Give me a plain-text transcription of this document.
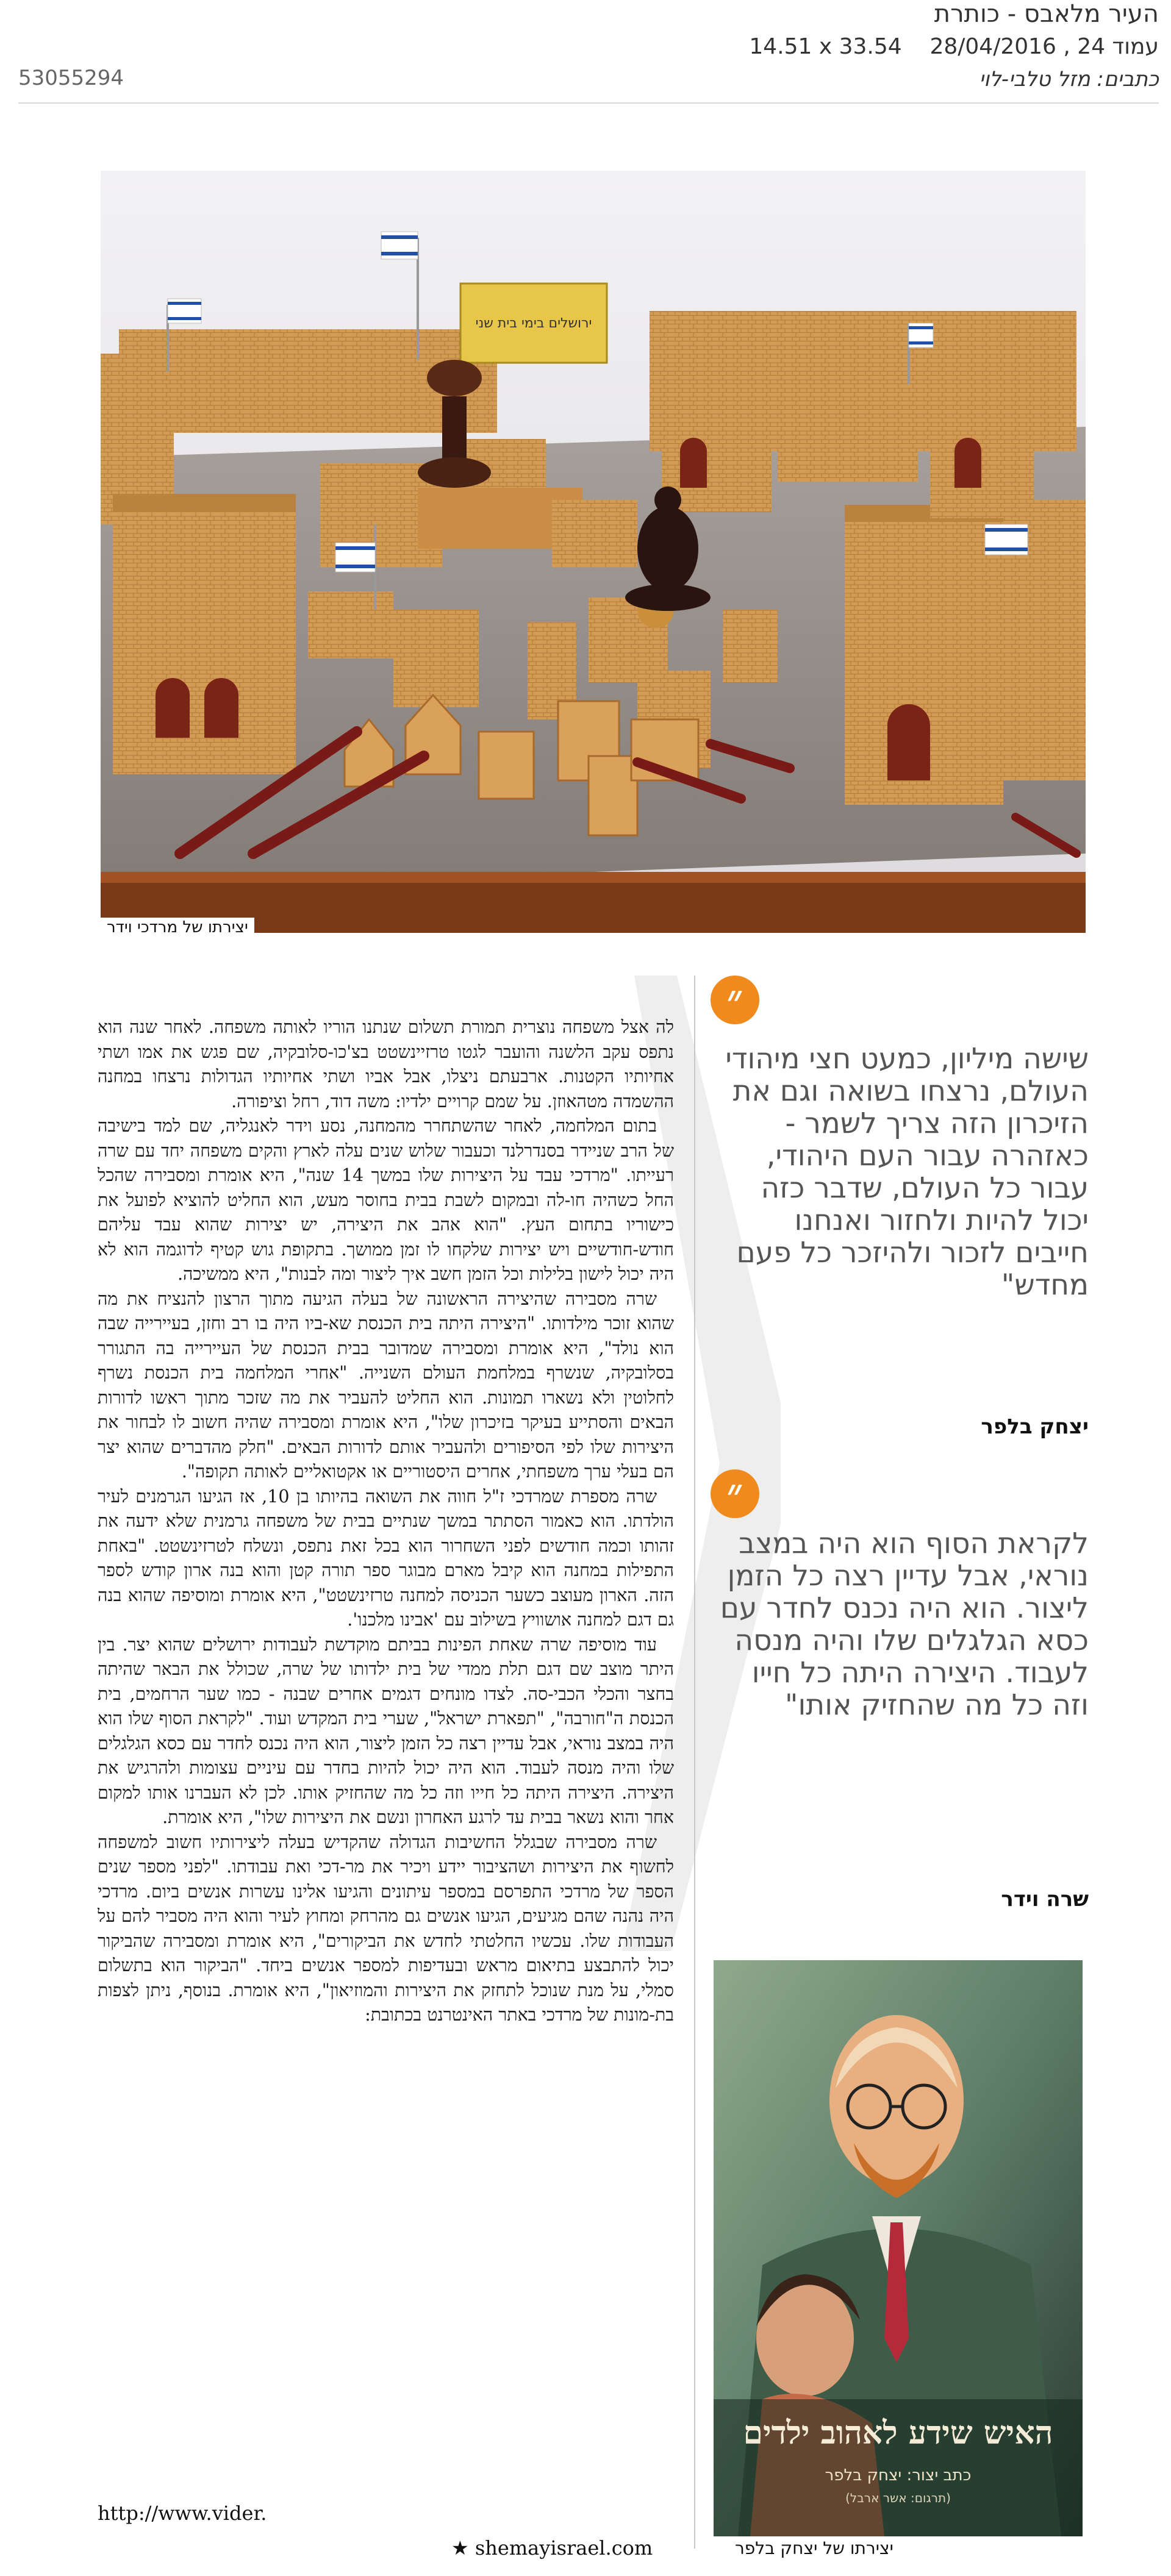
העיר מלאבס - כותרת
14.51 x 33.54 עמוד 24 , 28/04/2016
כתבים: מזל טלבי-לוי
53055294
ירושלים בימי בית שני
יצירתו של מרדכי וידר

לה אצל משפחה נוצרית תמורת תשלום שנתנו הוריו לאותה משפחה. לאחר שנה הוא נתפס עקב הלשנה והועבר לגטו טרזיינשטט בצ'כו-סלובקיה, שם פגש את אמו ושתי אחיותיו הקטנות. ארבעתם ניצלו, אבל אביו ושתי אחיותיו הגדולות נרצחו במחנה ההשמדה מטהאוזן. על שמם קרויים ילדיו: משה דוד, רחל וציפורה.

בתום המלחמה, לאחר שהשתחרר מהמחנה, נסע וידר לאנגליה, שם למד בישיבה של הרב שניידר בסנדרלנד וכעבור שלוש שנים עלה לארץ והקים משפחה יחד עם שרה רעייתו. "מרדכי עבד על היצירות שלו במשך 14 שנה", היא אומרת ומסבירה שהכל החל כשהיה חו-לה ובמקום לשבת בבית בחוסר מעש, הוא החליט להוציא לפועל את כישוריו בתחום העץ. "הוא אהב את היצירה, יש יצירות שהוא עבד עליהם חודש-חודשיים ויש יצירות שלקחו לו זמן ממושך. בתקופת גוש קטיף לדוגמה הוא לא היה יכול לישון בלילות וכל הזמן חשב איך ליצור ומה לבנות", היא ממשיכה.

שרה מסבירה שהיצירה הראשונה של בעלה הגיעה מתוך הרצון להנציח את מה שהוא זוכר מילדותו. "היצירה היתה בית הכנסת שא-ביו היה בו רב וחזן, בעיירייה שבה הוא נולד", היא אומרת ומסבירה שמדובר בבית הכנסת של העיירייה בה התגורר בסלובקיה, שנשרף במלחמת העולם השנייה. "אחרי המלחמה בית הכנסת נשרף לחלוטין ולא נשארו תמונות. הוא החליט להעביר את מה שזכר מתוך ראשו לדורות הבאים והסתייע בעיקר בזיכרון שלו", היא אומרת ומסבירה שהיה חשוב לו לבחור את היצירות שלו לפי הסיפורים ולהעביר אותם לדורות הבאים. "חלק מהדברים שהוא יצר הם בעלי ערך משפחתי, אחרים היסטוריים או אקטואליים לאותה תקופה".

שרה מספרת שמרדכי ז"ל חווה את השואה בהיותו בן 10, אז הגיעו הגרמנים לעיר הולדתו. הוא כאמור הסתתר במשך שנתיים בבית של משפחה גרמנית שלא ידעה את זהותו וכמה חודשים לפני השחרור הוא בכל זאת נתפס, ונשלח לטרזינשטט. "באחת התפילות במחנה הוא קיבל מארם מבוגר ספר תורה קטן והוא בנה ארון קודש לספר הזה. הארון מעוצב כשער הכניסה למחנה טרזינשטט", היא אומרת ומוסיפה שהוא בנה גם דגם למחנה אושוויץ בשילוב עם 'אבינו מלכנו'.

עוד מוסיפה שרה שאחת הפינות בביתם מוקדשת לעבודות ירושלים שהוא יצר. בין היתר מוצב שם דגם תלת ממדי של בית ילדותו של שרה, שכולל את הבאר שהיתה בחצר והכלי הכבי-סה. לצדו מונחים דגמים אחרים שבנה - כמו שער הרחמים, בית הכנסת ה"חורבה", "תפארת ישראל", שערי בית המקדש ועוד. "לקראת הסוף שלו הוא היה במצב נוראי, אבל עדיין רצה כל הזמן ליצור, הוא היה נכנס לחדר עם כסא הגלגלים שלו והיה מנסה לעבוד. הוא היה יכול להיות בחדר עם עיניים עצומות ולהרגיש את היצירה. היצירה היתה כל חייו וזה כל מה שהחזיק אותו. לכן לא העברנו אותו למקום אחר והוא נשאר בבית עד לרגע האחרון ונשם את היצירות שלו", היא אומרת.

שרה מסבירה שבגלל החשיבות הגדולה שהקדיש בעלה ליצירותיו חשוב למשפחה לחשוף את היצירות ושהציבור יידע ויכיר את מר-דכי ואת עבודתו. "לפני מספר שנים הספר של מרדכי התפרסם במספר עיתונים והגיעו אלינו עשרות אנשים ביום. מרדכי היה נהנה שהם מגיעים, הגיעו אנשים גם מהרחק ומחוץ לעיר והוא היה מסביר להם על העבודות שלו. עכשיו החלטתי לחדש את הביקורים", היא אומרת ומסבירה שהביקור יכול להתבצע בתיאום מראש ובעדיפות למספר אנשים ביחד. "הביקור הוא בתשלום סמלי, על מנת שנוכל לתחזק את היצירות והמוזיאון", היא אומרת. בנוסף, ניתן לצפות בת-מונות של מרדכי באתר האינטרנט בכתובת:

http://www.vider.
★ shemayisrael.com
״
שישה מיליון, כמעט חצי מיהודי העולם, נרצחו בשואה וגם את הזיכרון הזה צריך לשמר - כאזהרה עבור העם היהודי, עבור כל העולם, שדבר כזה יכול להיות ולחזור ואנחנו חייבים לזכור ולהיזכר כל פעם מחדש"
יצחק בלפר
״
לקראת הסוף הוא היה במצב נוראי, אבל עדיין רצה כל הזמן ליצור. הוא היה נכנס לחדר עם כסא הגלגלים שלו והיה מנסה לעבוד. היצירה היתה כל חייו וזה כל מה שהחזיק אותו"
שרה וידר
האיש שידע לאהוב ילדים
כתב יצור: יצחק בלפר
(תרגום: אשר ארבל)
יצירתו של יצחק בלפר
